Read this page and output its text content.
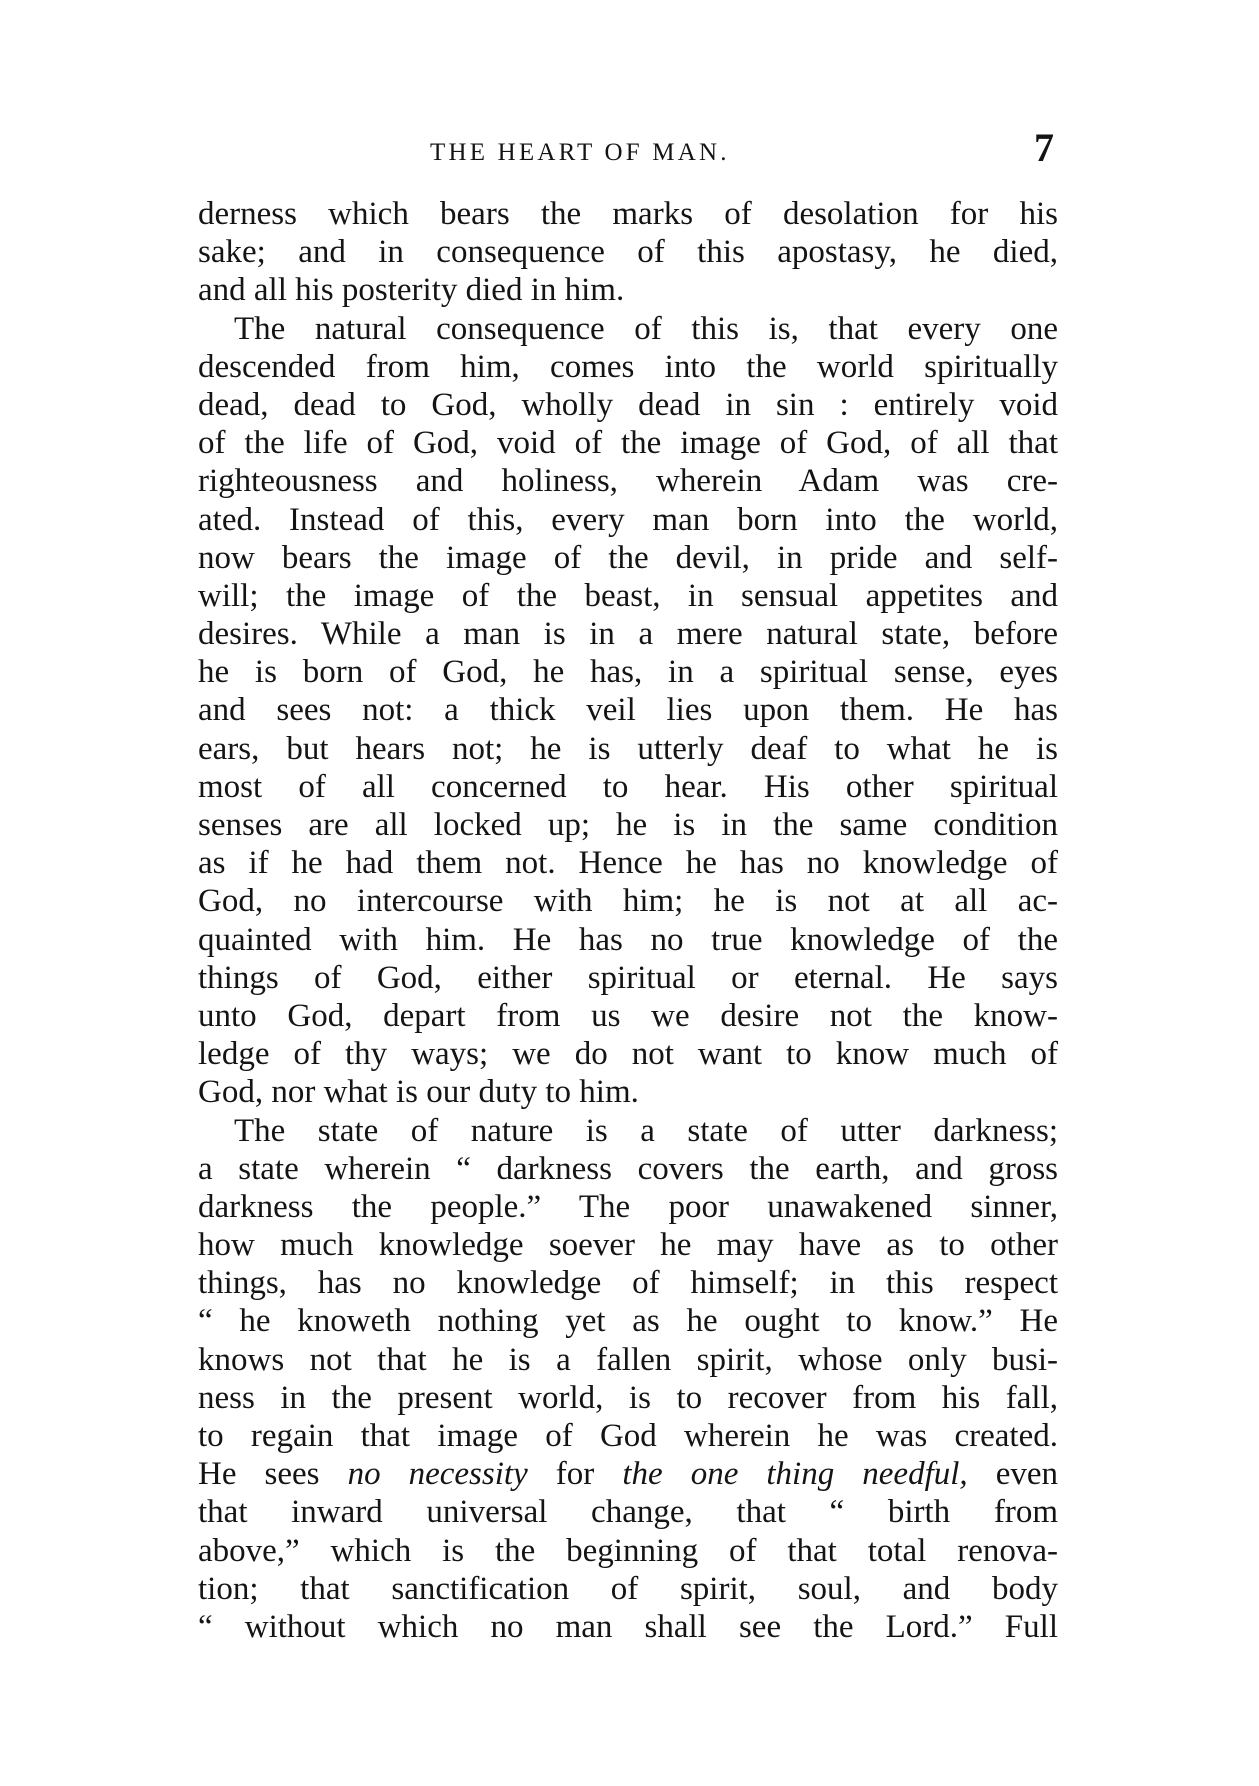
THE HEART OF MAN.	7
derness which bears the marks of desolation for his
sake; and in consequence of this apostasy, he died,
and all his posterity died in him.
The natural consequence of this is, that every one
descended from him, comes into the world spiritually
dead, dead to God, wholly dead in sin : entirely void
of the life of God, void of the image of God, of all that
righteousness and holiness, wherein Adam was cre-
ated. Instead of this, every man born into the world,
now bears the image of the devil, in pride and self-
will; the image of the beast, in sensual appetites and
desires. While a man is in a mere natural state, before
he is born of God, he has, in a spiritual sense, eyes
and sees not: a thick veil lies upon them. He has
ears, but hears not; he is utterly deaf to what he is
most of all concerned to hear. His other spiritual
senses are all locked up; he is in the same condition
as if he had them not. Hence he has no knowledge of
God, no intercourse with him; he is not at all ac-
quainted with him. He has no true knowledge of the
things of God, either spiritual or eternal. He says
unto God, depart from us we desire not the know-
ledge of thy ways; we do not want to know much of
God, nor what is our duty to him.
The state of nature is a state of utter darkness;
a state wherein “ darkness covers the earth, and gross
darkness the people.” The poor unawakened sinner,
how much knowledge soever he may have as to other
things, has no knowledge of himself; in this respect
“ he knoweth nothing yet as he ought to know.” He
knows not that he is a fallen spirit, whose only busi-
ness in the present world, is to recover from his fall,
to regain that image of God wherein he was created.
He sees no necessity for the one thing needful, even
that inward universal change, that “ birth from
above,” which is the beginning of that total renova-
tion; that sanctification of spirit, soul, and body
“ without which no man shall see the Lord.” Full
